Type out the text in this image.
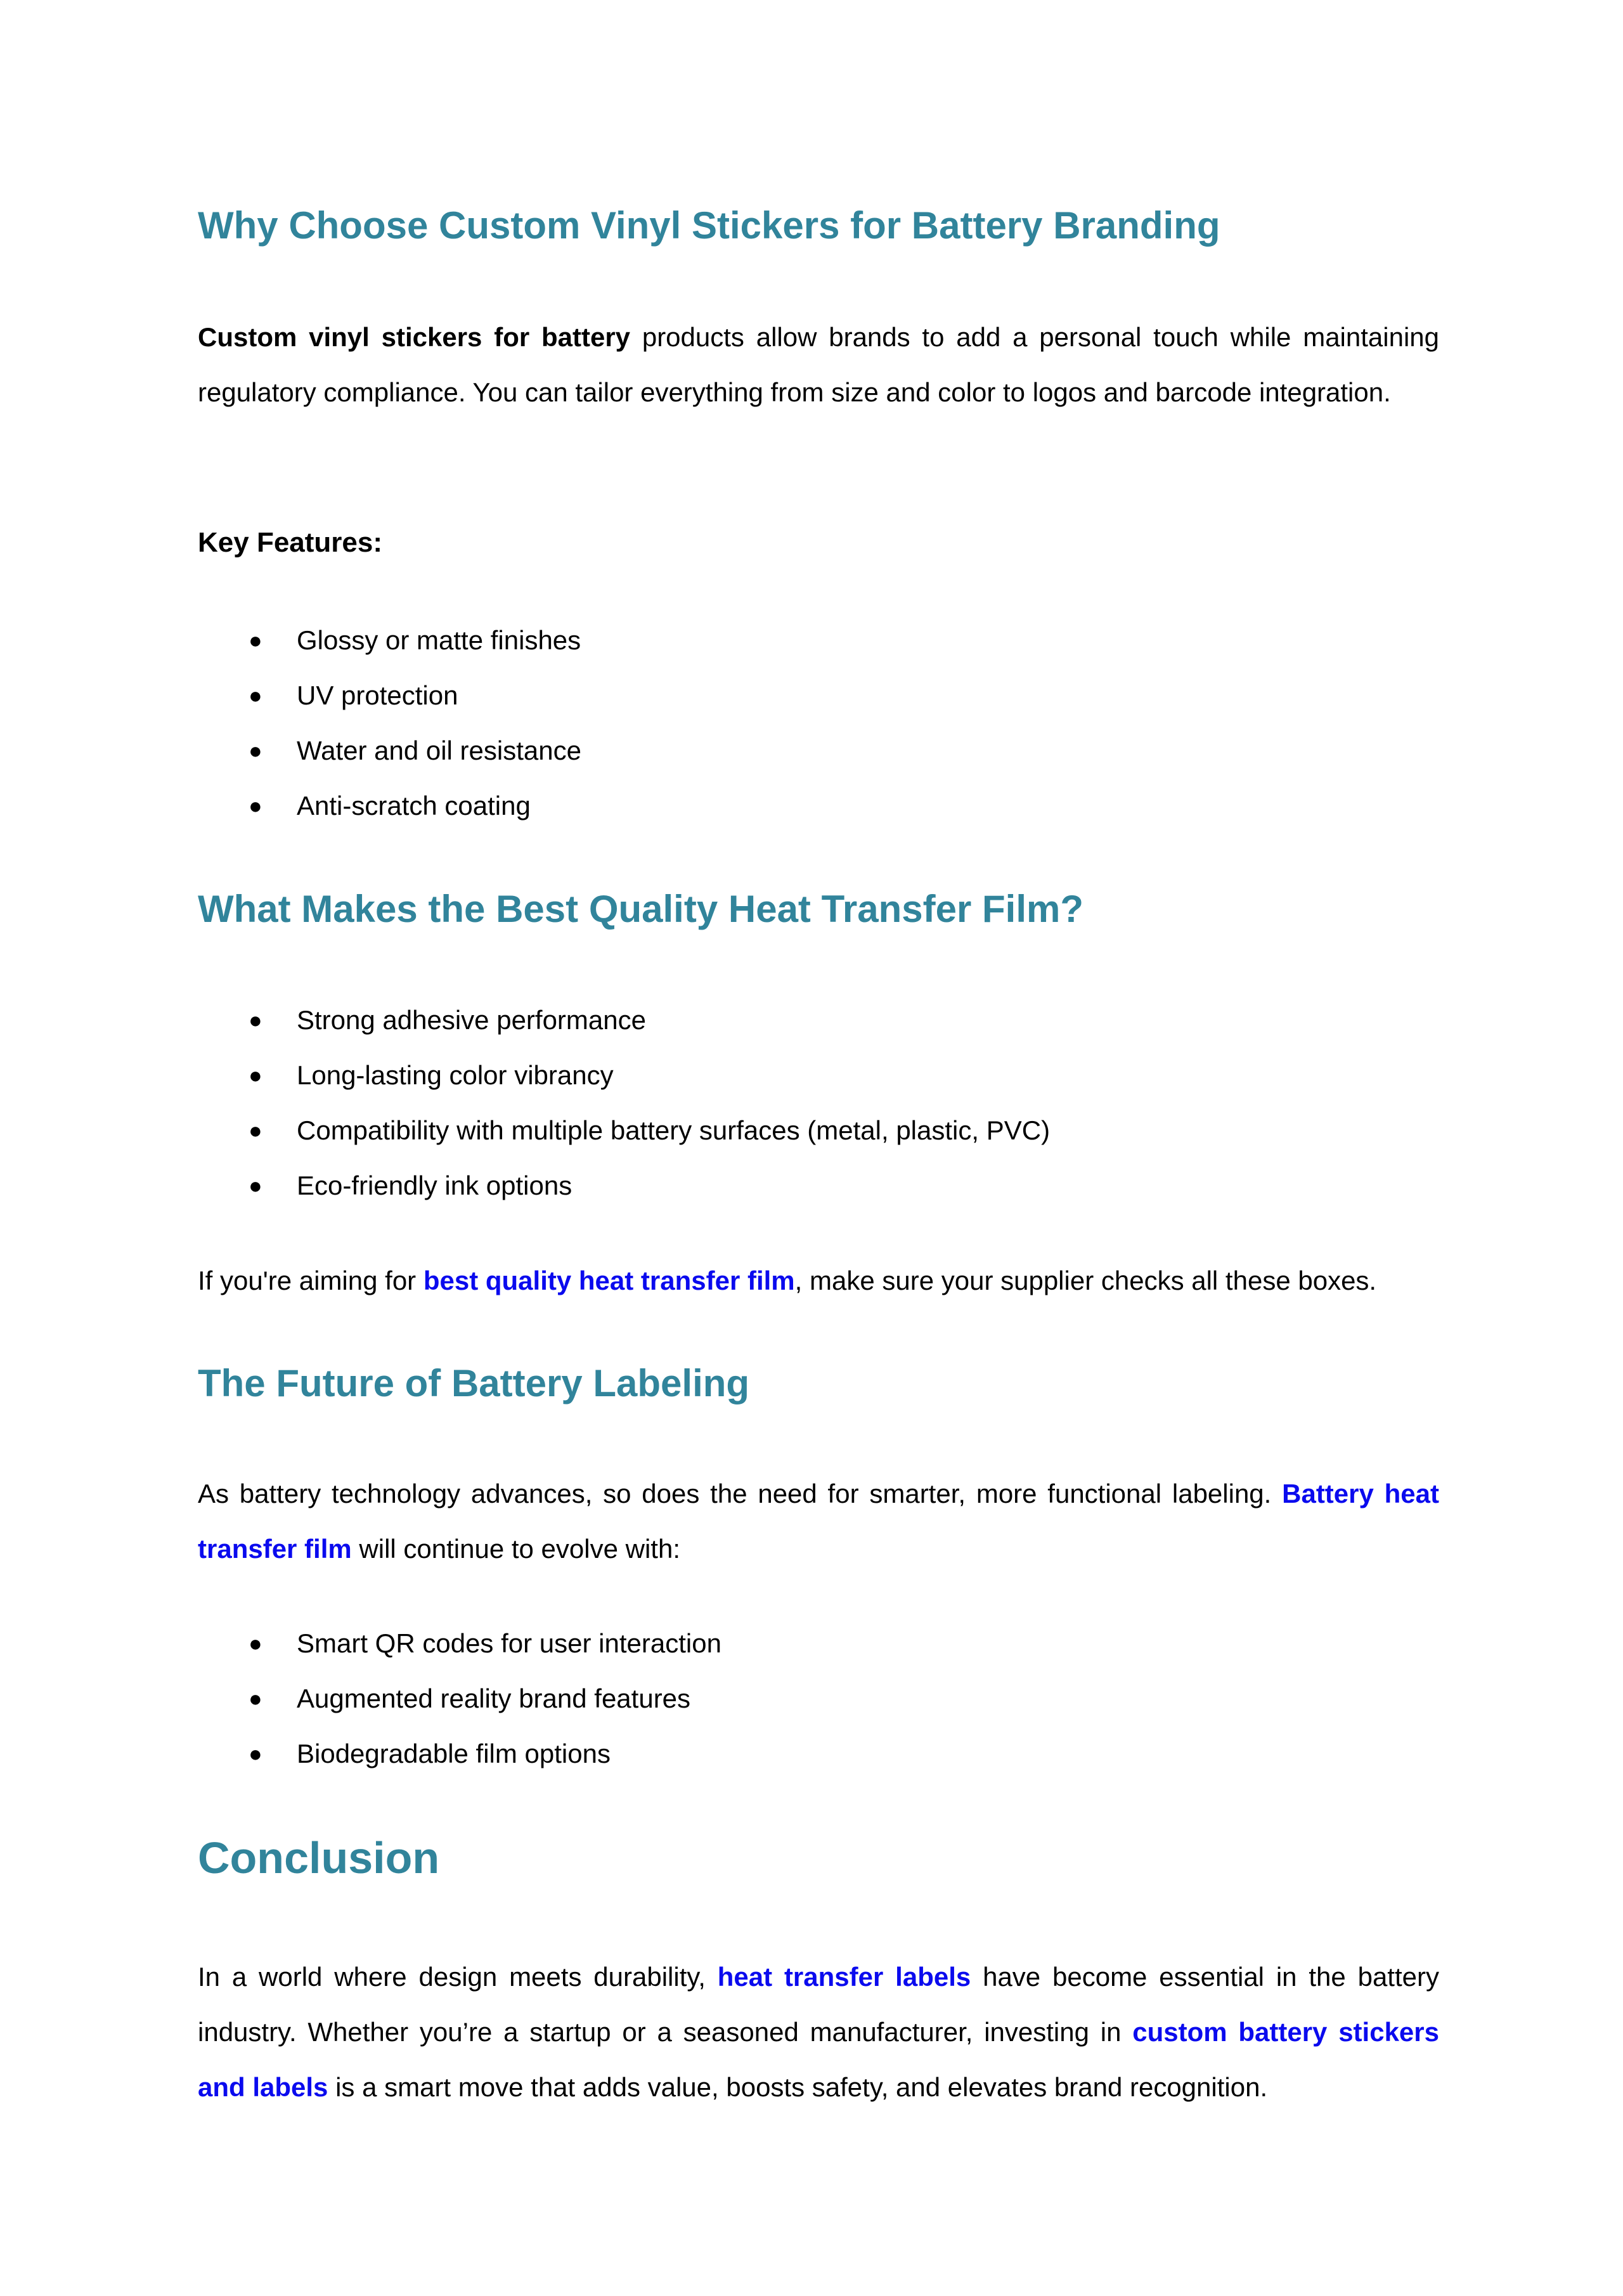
Why Choose Custom Vinyl Stickers for Battery Branding

Custom vinyl stickers for battery products allow brands to add a personal touch while maintaining regulatory compliance. You can tailor everything from size and color to logos and barcode integration.

Key Features:

● Glossy or matte finishes
● UV protection
● Water and oil resistance
● Anti-scratch coating
What Makes the Best Quality Heat Transfer Film?
● Strong adhesive performance
● Long-lasting color vibrancy
● Compatibility with multiple battery surfaces (metal, plastic, PVC)
● Eco-friendly ink options

If you're aiming for best quality heat transfer film, make sure your supplier checks all these boxes.

The Future of Battery Labeling

As battery technology advances, so does the need for smarter, more functional labeling. Battery heat transfer film will continue to evolve with:

● Smart QR codes for user interaction
● Augmented reality brand features
● Biodegradable film options
Conclusion

In a world where design meets durability, heat transfer labels have become essential in the battery industry. Whether you’re a startup or a seasoned manufacturer, investing in custom battery stickers and labels is a smart move that adds value, boosts safety, and elevates brand recognition.
